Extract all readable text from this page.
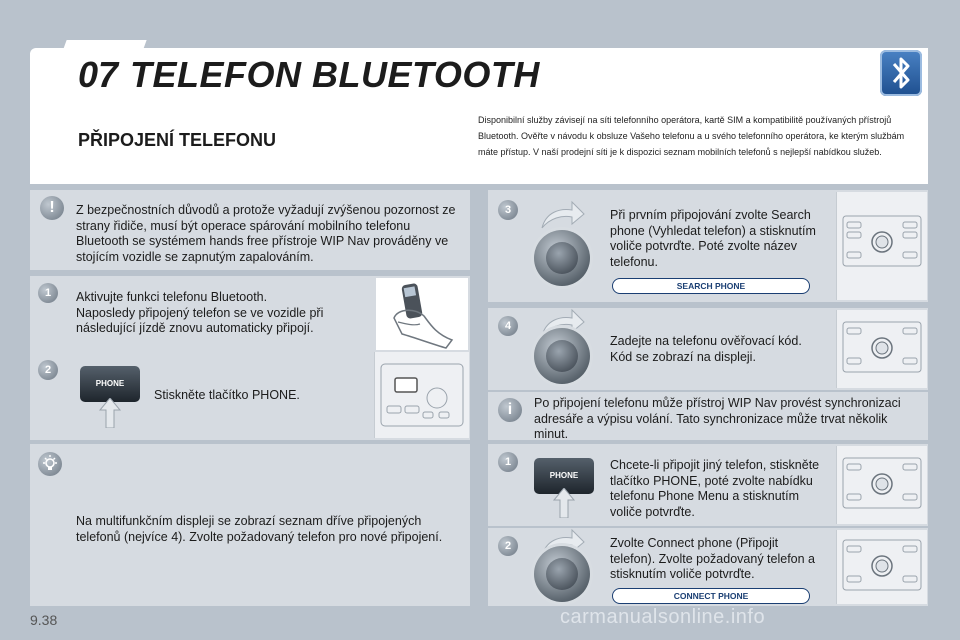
07 TELEFON BLUETOOTH
PŘIPOJENÍ TELEFONU
Disponibilní služby závisejí na síti telefonního operátora, kartě SIM a kompatibilitě používaných přístrojů Bluetooth. Ověřte v návodu k obsluze Vašeho telefonu a u svého telefonního operátora, ke kterým službám máte přístup. V naší prodejní síti je k dispozici seznam mobilních telefonů s nejlepší nabídkou služeb.
!	Z bezpečnostních důvodů a protože vyžadují zvýšenou pozornost ze strany řidiče, musí být operace spárování mobilního telefonu Bluetooth se systémem hands free přístroje WIP Nav prováděny ve stojícím vozidle se zapnutým zapalováním.
1	Aktivujte funkci telefonu Bluetooth.
Naposledy připojený telefon se ve vozidle při následující jízdě znovu automaticky připojí.
2
PHONE
Stiskněte tlačítko PHONE.
Na multifunkčním displeji se zobrazí seznam dříve připojených telefonů (nejvíce 4). Zvolte požadovaný telefon pro nové připojení.
3	Při prvním připojování zvolte Search phone (Vyhledat telefon) a stisknutím voliče potvrďte. Poté zvolte název telefonu.
SEARCH PHONE
4
Zadejte na telefonu ověřovací kód. Kód se zobrazí na displeji.
i	Po připojení telefonu může přístroj WIP Nav provést synchronizaci adresáře a výpisu volání. Tato synchronizace může trvat několik minut.
1
PHONE
Chcete-li připojit jiný telefon, stiskněte tlačítko PHONE, poté zvolte nabídku telefonu Phone Menu a stisknutím voliče potvrďte.
2	Zvolte Connect phone (Připojit telefon). Zvolte požadovaný telefon a stisknutím voliče potvrďte.
CONNECT PHONE
9.38	carmanualsonline.info
